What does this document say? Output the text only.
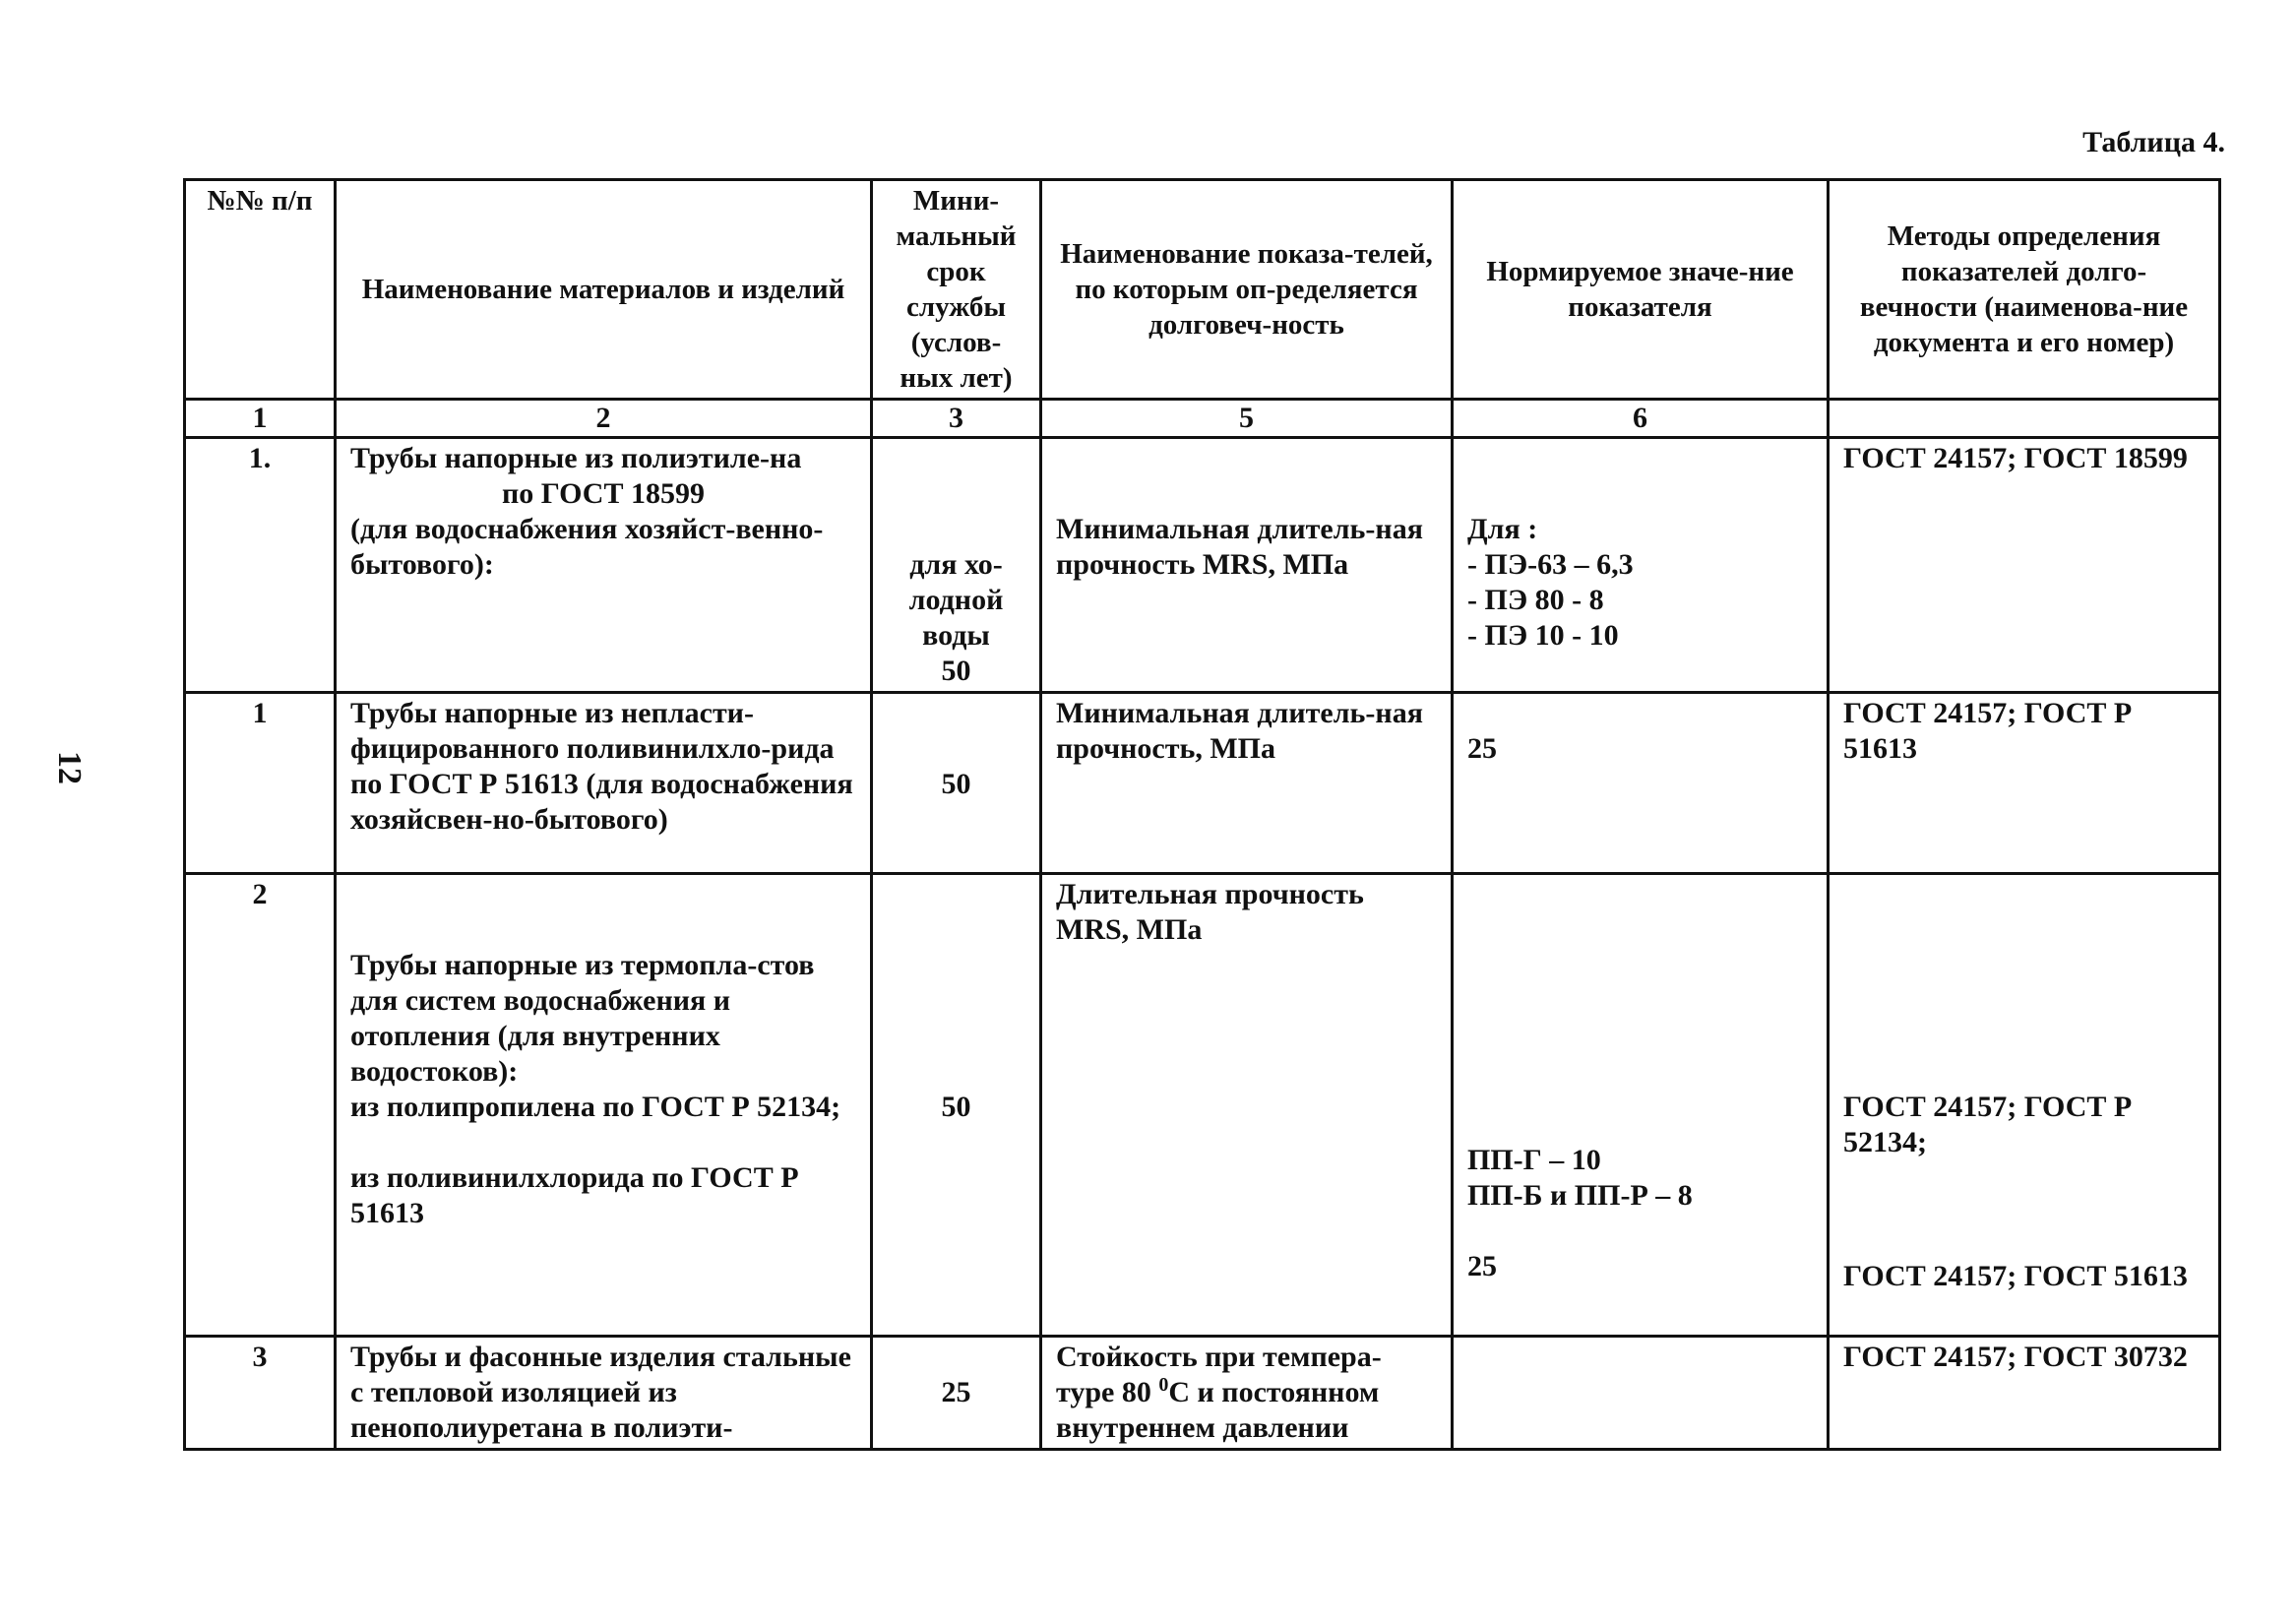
12
Таблица 4.
№№ п/п	Наименование материалов и изделий	Мини-мальный срок службы (услов-ных лет)	Наименование показа-телей, по которым оп-ределяется долговеч-ность	Нормируемое значе-ние показателя	Методы определения показателей долго-вечности (наименова-ние документа и его номер)
1	2	3	5	6	
1.	Трубы напорные из полиэтиле-на
по ГОСТ 18599
(для водоснабжения хозяйст-венно-бытового):	для хо-лодной воды
50	Минимальная длитель-ная прочность MRS, МПа	Для :
- ПЭ-63 – 6,3
- ПЭ 80 - 8
- ПЭ 10 - 10	ГОСТ 24157; ГОСТ 18599
1	Трубы напорные из непласти-фицированного поливинилхло-рида по ГОСТ Р 51613 (для водоснабжения хозяйсвен-но-бытового)	50	Минимальная длитель-ная прочность, МПа	25	ГОСТ 24157; ГОСТ Р 51613
2	Трубы напорные из термопла-стов для систем водоснабжения и отопления (для внутренних водостоков):
из полипропилена по ГОСТ Р 52134;
из поливинилхлорида по ГОСТ Р 51613	50	Длительная прочность MRS, МПа	ПП-Г – 10
ПП-Б и ПП-Р – 8
25	ГОСТ 24157; ГОСТ Р 52134;
ГОСТ 24157; ГОСТ 51613

3	Трубы и фасонные изделия стальные с тепловой изоляцией из пенополиуретана в полиэти-	25	Стойкость при темпера-туре 80 $^0$С и постоянном внутреннем давлении		ГОСТ 24157; ГОСТ 30732
